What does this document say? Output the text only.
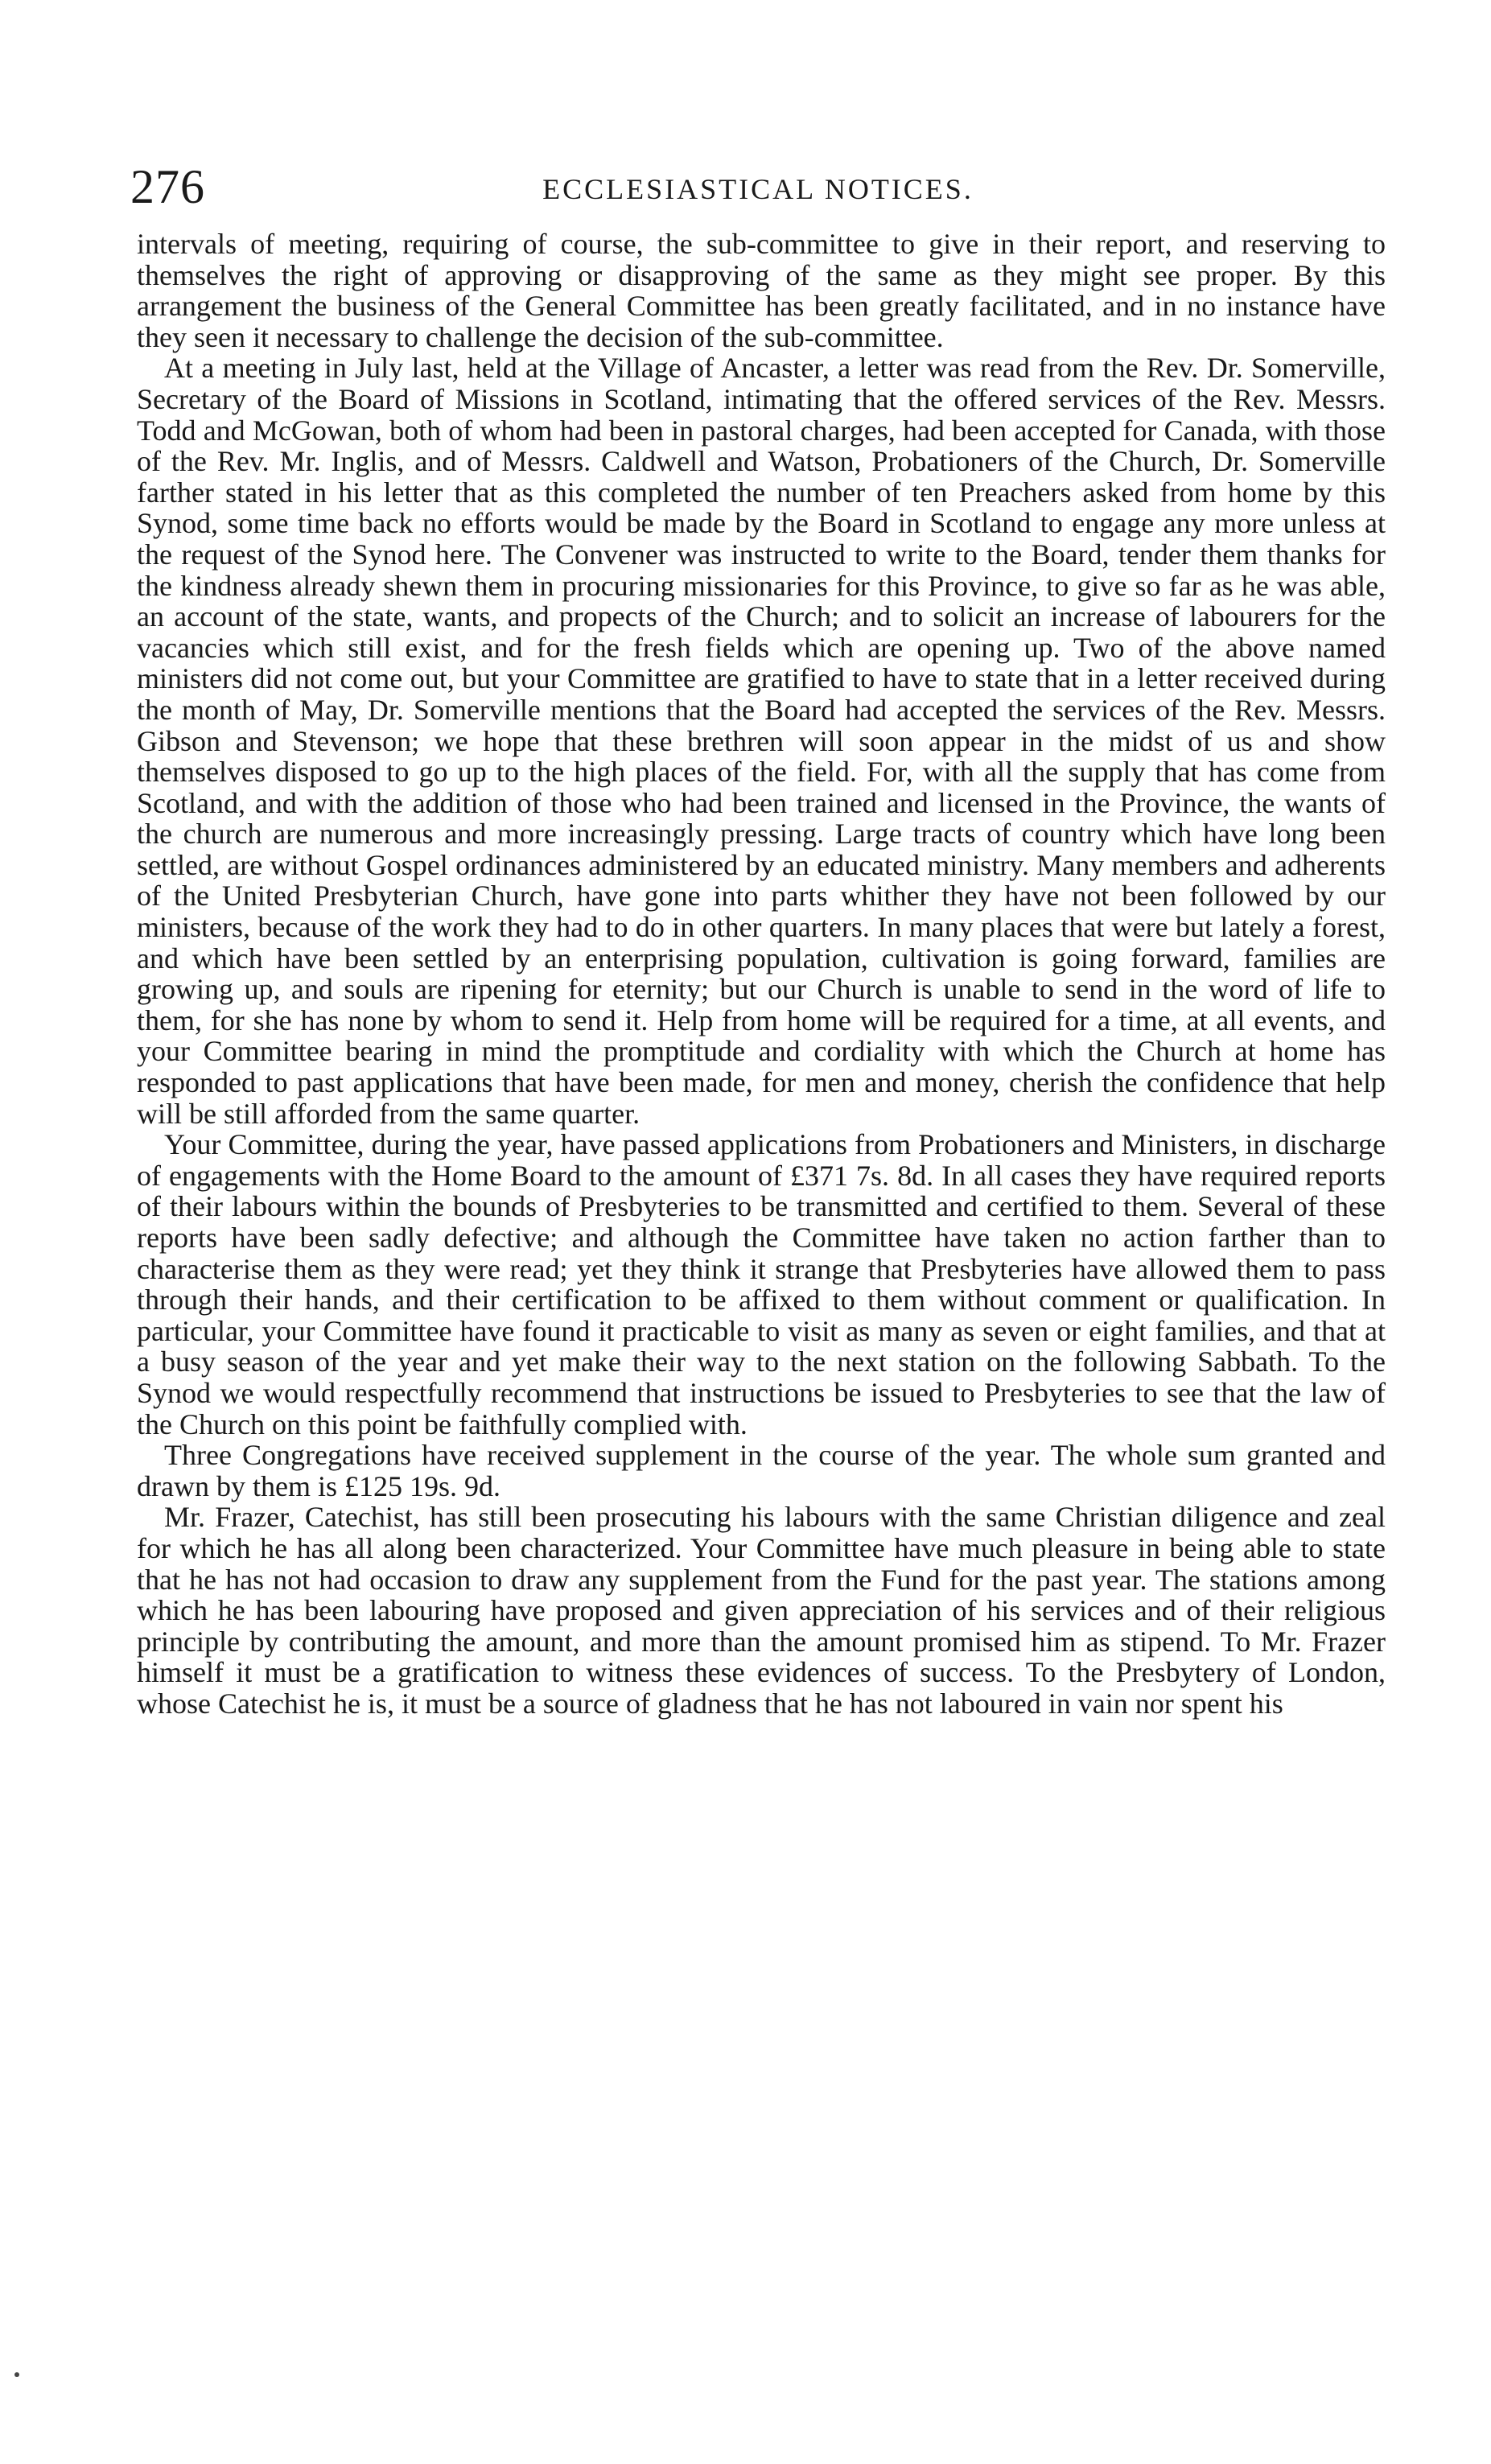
276	ECCLESIASTICAL NOTICES.

intervals of meeting, requiring of course, the sub-committee to give in their report, and reserving to themselves the right of approving or disapproving of the same as they might see proper. By this arrangement the business of the General Committee has been greatly facilitated, and in no instance have they seen it necessary to challenge the decision of the sub-committee.

At a meeting in July last, held at the Village of Ancaster, a letter was read from the Rev. Dr. Somerville, Secretary of the Board of Missions in Scotland, intimating that the offered services of the Rev. Messrs. Todd and McGowan, both of whom had been in pastoral charges, had been accepted for Canada, with those of the Rev. Mr. Inglis, and of Messrs. Caldwell and Watson, Probationers of the Church, Dr. Somerville farther stated in his letter that as this completed the number of ten Preachers asked from home by this Synod, some time back no efforts would be made by the Board in Scotland to engage any more unless at the request of the Synod here. The Convener was instructed to write to the Board, tender them thanks for the kindness already shewn them in procuring missionaries for this Province, to give so far as he was able, an account of the state, wants, and propects of the Church; and to solicit an increase of labourers for the vacancies which still exist, and for the fresh fields which are opening up. Two of the above named ministers did not come out, but your Committee are gratified to have to state that in a letter received during the month of May, Dr. Somerville mentions that the Board had accepted the services of the Rev. Messrs. Gibson and Stevenson; we hope that these brethren will soon appear in the midst of us and show themselves disposed to go up to the high places of the field. For, with all the supply that has come from Scotland, and with the addition of those who had been trained and licensed in the Province, the wants of the church are numerous and more increasingly pressing. Large tracts of country which have long been settled, are without Gospel ordinances administered by an educated ministry. Many members and adherents of the United Presbyterian Church, have gone into parts whither they have not been followed by our ministers, because of the work they had to do in other quarters. In many places that were but lately a forest, and which have been settled by an enterprising population, cultivation is going forward, families are growing up, and souls are ripening for eternity; but our Church is unable to send in the word of life to them, for she has none by whom to send it. Help from home will be required for a time, at all events, and your Committee bearing in mind the promptitude and cordiality with which the Church at home has responded to past applications that have been made, for men and money, cherish the confidence that help will be still afforded from the same quarter.

Your Committee, during the year, have passed applications from Probationers and Ministers, in discharge of engagements with the Home Board to the amount of £371 7s. 8d. In all cases they have required reports of their labours within the bounds of Presbyteries to be transmitted and certified to them. Several of these reports have been sadly defective; and although the Committee have taken no action farther than to characterise them as they were read; yet they think it strange that Presbyteries have allowed them to pass through their hands, and their certification to be affixed to them without comment or qualification. In particular, your Committee have found it practicable to visit as many as seven or eight families, and that at a busy season of the year and yet make their way to the next station on the following Sabbath. To the Synod we would respectfully recommend that instructions be issued to Presbyteries to see that the law of the Church on this point be faithfully complied with.

Three Congregations have received supplement in the course of the year. The whole sum granted and drawn by them is £125 19s. 9d.

Mr. Frazer, Catechist, has still been prosecuting his labours with the same Christian diligence and zeal for which he has all along been characterized. Your Committee have much pleasure in being able to state that he has not had occasion to draw any supplement from the Fund for the past year. The stations among which he has been labouring have proposed and given appreciation of his services and of their religious principle by contributing the amount, and more than the amount promised him as stipend. To Mr. Frazer himself it must be a gratification to witness these evidences of success. To the Presbytery of London, whose Catechist he is, it must be a source of gladness that he has not laboured in vain nor spent his
